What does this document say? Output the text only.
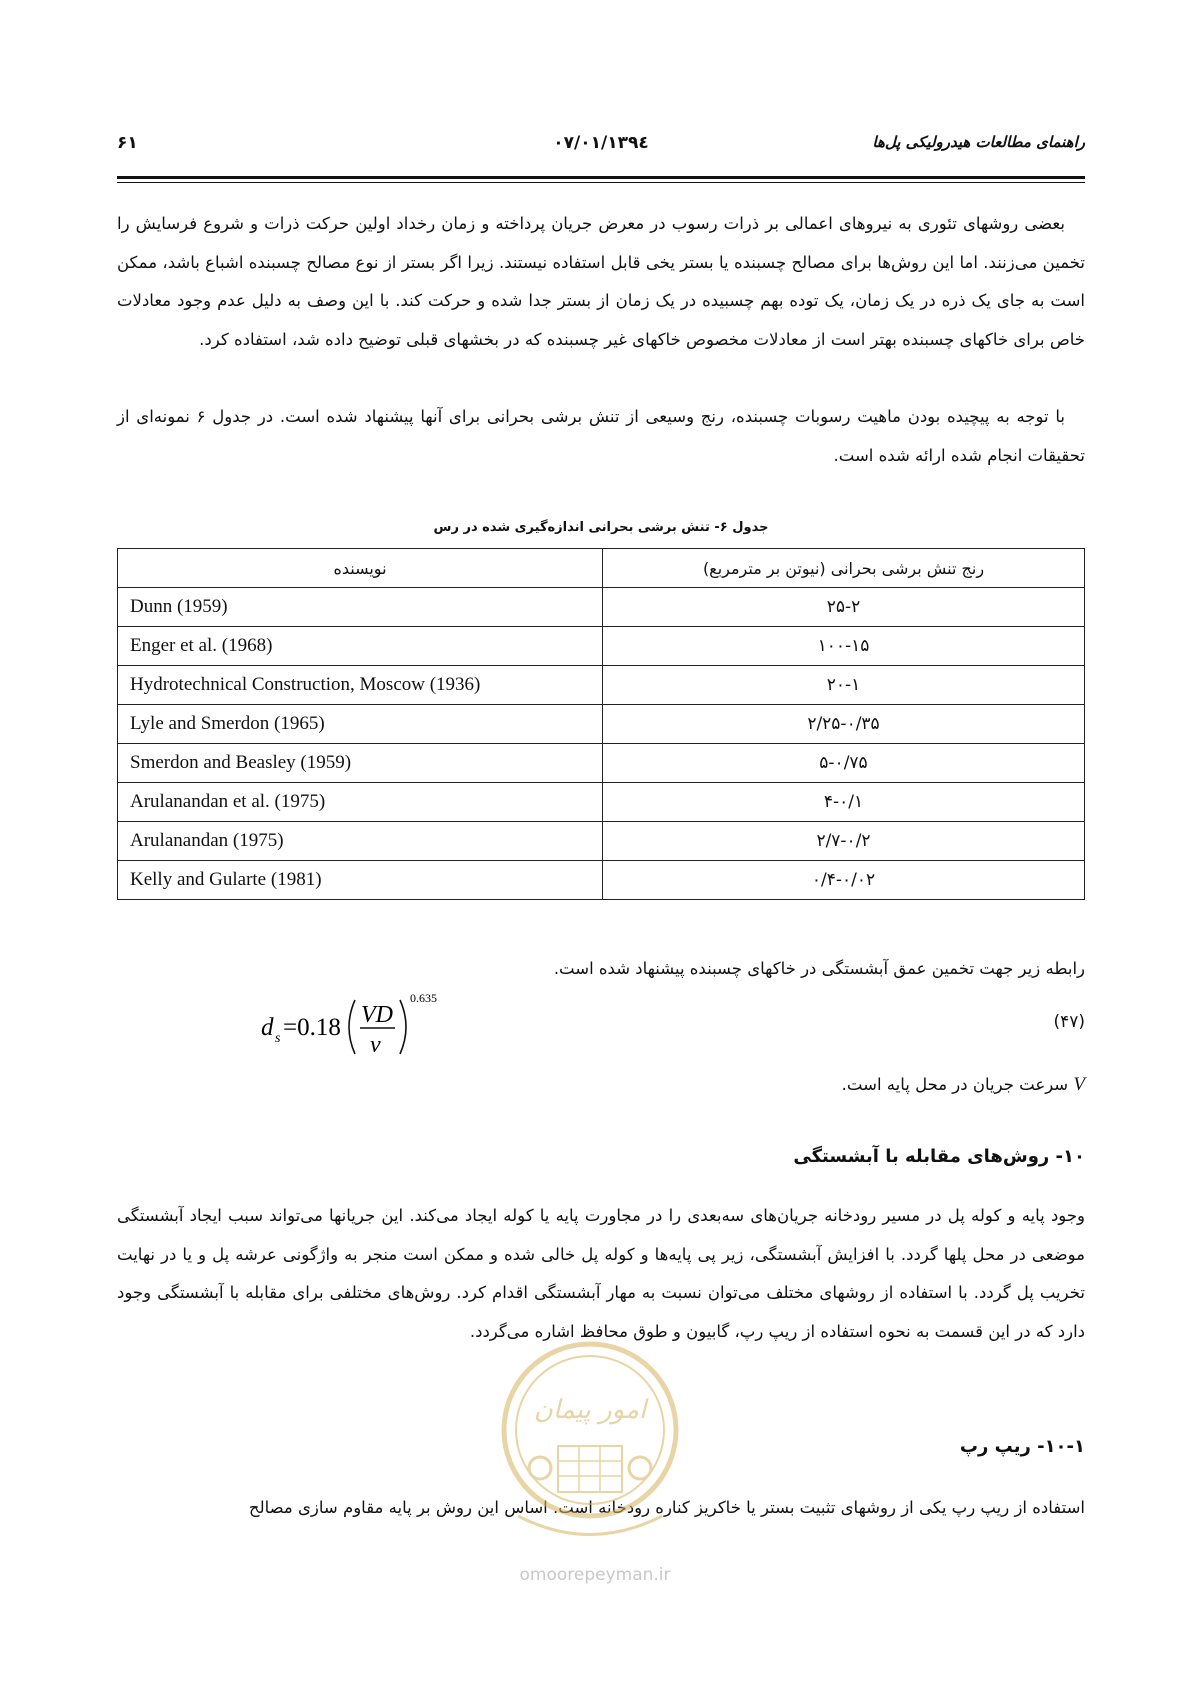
راهنمای مطالعات هیدرولیکی پل‌ها
۱۳۹٤/۰۷/۰۱
۶۱

بعضی روشهای تئوری به نیروهای اعمالی بر ذرات رسوب در معرض جریان پرداخته و زمان رخداد اولین حرکت ذرات و شروع فرسایش را تخمین می‌زنند. اما این روش‌ها برای مصالح چسبنده یا بستر یخی قابل استفاده نیستند. زیرا اگر بستر از نوع مصالح چسبنده اشباع باشد، ممکن است به جای یک ذره در یک زمان، یک توده بهم چسبیده در یک زمان از بستر جدا شده و حرکت کند. با این وصف به دلیل عدم وجود معادلات خاص برای خاکهای چسبنده بهتر است از معادلات مخصوص خاکهای غیر چسبنده که در بخشهای قبلی توضیح داده شد، استفاده کرد.

با توجه به پیچیده بودن ماهیت رسوبات چسبنده، رنج وسیعی از تنش برشی بحرانی برای آنها پیشنهاد شده است. در جدول ۶ نمونه‌ای از تحقیقات انجام شده ارائه شده است.

جدول ۶- تنش برشی بحرانی اندازه‌گیری شده در رس
رنج تنش برشی بحرانی (نیوتن بر مترمربع)	نویسنده
۲۵-۲	Dunn (1959)
۱۰۰-۱۵	Enger et al. (1968)
۲۰-۱	Hydrotechnical Construction, Moscow (1936)
۲/۲۵-۰/۳۵	Lyle and Smerdon (1965)
۵-۰/۷۵	Smerdon and Beasley (1959)
۴-۰/۱	Arulanandan et al. (1975)
۲/۷-۰/۲	Arulanandan (1975)
۰/۴-۰/۰۲	Kelly and Gularte (1981)

رابطه زیر جهت تخمین عمق آبشستگی در خاکهای چسبنده پیشنهاد شده است.

(۴۷)
d s =0.18 VD
ν
0.635

V سرعت جریان در محل پایه است.

۱۰- روش‌های مقابله با آبشستگی

وجود پایه و کوله پل در مسیر رودخانه جریان‌های سه‌بعدی را در مجاورت پایه یا کوله ایجاد می‌کند. این جریانها می‌تواند سبب ایجاد آبشستگی موضعی در محل پلها گردد. با افزایش آبشستگی، زیر پی پایه‌ها و کوله پل خالی شده و ممکن است منجر به واژگونی عرشه پل و یا در نهایت تخریب پل گردد. با استفاده از روشهای مختلف می‌توان نسبت به مهار آبشستگی اقدام کرد. روش‌های مختلفی برای مقابله با آبشستگی وجود دارد که در این قسمت به نحوه استفاده از ریپ رپ، گابیون و طوق محافظ اشاره می‌گردد.

۱۰-۱- ریپ رپ

استفاده از ریپ رپ یکی از روشهای تثبیت بستر یا خاکریز کناره رودخانه است. اساس این روش بر پایه مقاوم سازی مصالح

امور پیمان
omoorepeyman.ir
